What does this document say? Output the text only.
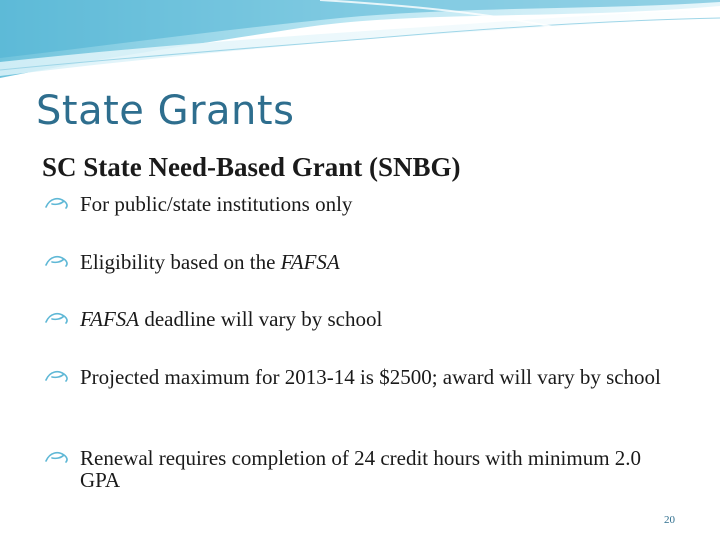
State Grants
SC State Need-Based Grant (SNBG)
For public/state institutions only
Eligibility based on the FAFSA
FAFSA deadline will vary by school
Projected maximum for 2013-14 is $2500; award will vary by school
Renewal requires completion of 24 credit hours with minimum 2.0 GPA
20
